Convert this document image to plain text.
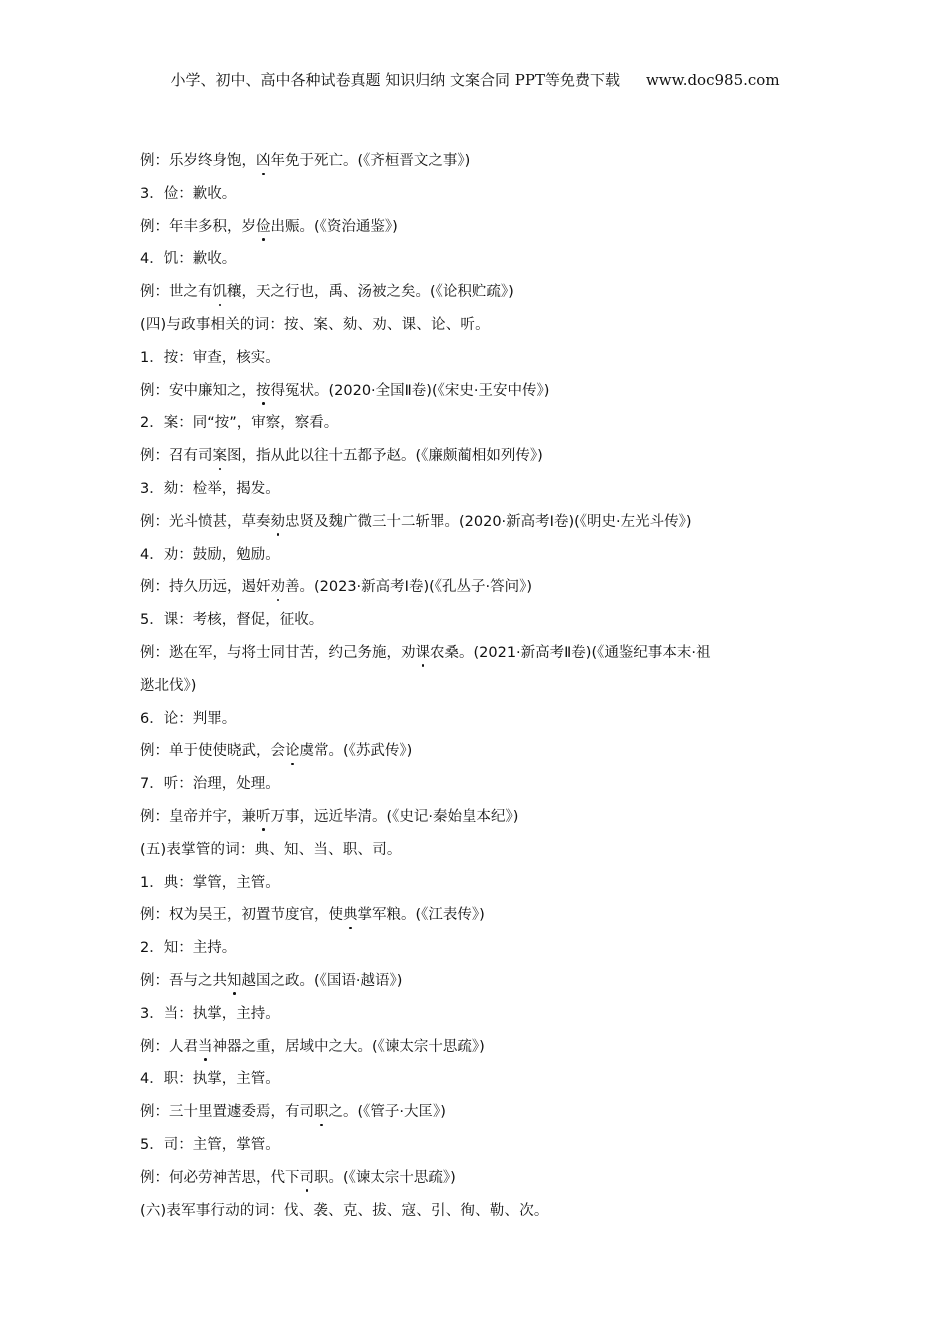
小学、初中、高中各种试卷真题 知识归纳 文案合同 PPT等免费下载 www.doc985.com
例：乐岁终身饱，凶年免于死亡。(《齐桓晋文之事》)
3．俭：歉收。
例：年丰多积，岁俭出赈。(《资治通鉴》)
4．饥：歉收。
例：世之有饥穰，天之行也，禹、汤被之矣。(《论积贮疏》)
(四)与政事相关的词：按、案、劾、劝、课、论、听。
1．按：审查，核实。
例：安中廉知之，按得冤状。(2020·全国Ⅱ卷)(《宋史·王安中传》)
2．案：同“按”，审察，察看。
例：召有司案图，指从此以往十五都予赵。(《廉颇蔺相如列传》)
3．劾：检举，揭发。
例：光斗愤甚，草奏劾忠贤及魏广微三十二斩罪。(2020·新高考Ⅰ卷)(《明史·左光斗传》)
4．劝：鼓励，勉励。
例：持久历远，遏奸劝善。(2023·新高考Ⅰ卷)(《孔丛子·答问》)
5．课：考核，督促，征收。
例：逖在军，与将士同甘苦，约己务施，劝课农桑。(2021·新高考Ⅱ卷)(《通鉴纪事本末·祖
逖北伐》)
6．论：判罪。
例：单于使使晓武，会论虞常。(《苏武传》)
7．听：治理，处理。
例：皇帝并宇，兼听万事，远近毕清。(《史记·秦始皇本纪》)
(五)表掌管的词：典、知、当、职、司。
1．典：掌管，主管。
例：权为吴王，初置节度官，使典掌军粮。(《江表传》)
2．知：主持。
例：吾与之共知越国之政。(《国语·越语》)
3．当：执掌，主持。
例：人君当神器之重，居域中之大。(《谏太宗十思疏》)
4．职：执掌，主管。
例：三十里置遽委焉，有司职之。(《管子·大匡》)
5．司：主管，掌管。
例：何必劳神苦思，代下司职。(《谏太宗十思疏》)
(六)表军事行动的词：伐、袭、克、拔、寇、引、徇、勒、次。
